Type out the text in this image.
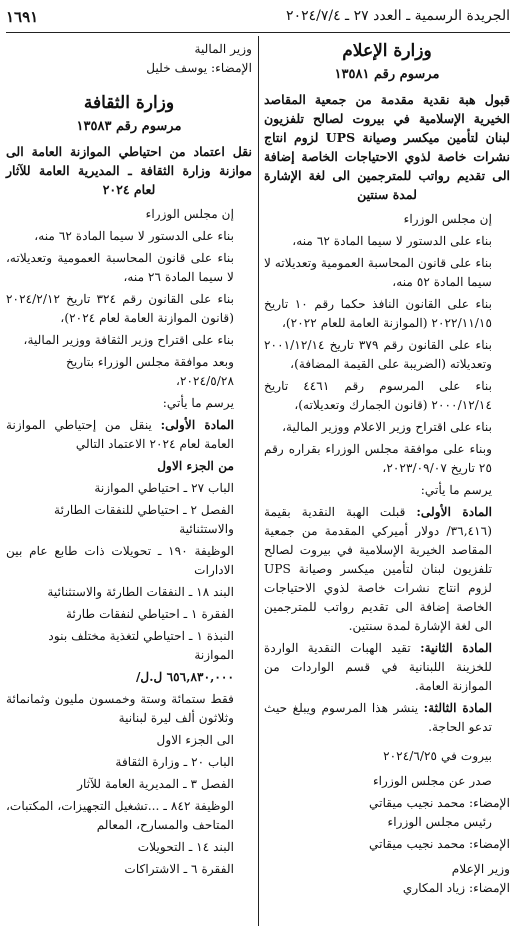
الجريدة الرسمية ـ العدد ٢٧ ـ ٢٠٢٤/٧/٤
١٦٩١
وزارة الإعلام
مرسوم رقم ١٣٥٨١
قبول هبة نقدية مقدمة من جمعية المقاصد الخيرية الإسلامية في بيروت لصالح تلفزيون لبنان لتأمين ميكسر وصيانة UPS لزوم انتاج نشرات خاصة لذوي الاحتياجات الخاصة إضافة الى تقديم رواتب للمترجمين الى لغة الإشارة لمدة سنتين

إن مجلس الوزراء

بناء على الدستور لا سيما المادة ٦٢ منه،

بناء على قانون المحاسبة العمومية وتعديلاته لا سيما المادة ٥٢ منه،

بناء على القانون النافذ حكما رقم ١٠ تاريخ ٢٠٢٢/١١/١٥ (الموازنة العامة للعام ٢٠٢٢)،

بناء على القانون رقم ٣٧٩ تاريخ ٢٠٠١/١٢/١٤ وتعديلاته (الضريبة على القيمة المضافة)،

بناء على المرسوم رقم ٤٤٦١ تاريخ ٢٠٠٠/١٢/١٤ (قانون الجمارك وتعديلاته)،

بناء على اقتراح وزير الاعلام ووزير المالية،

وبناء على موافقة مجلس الوزراء بقراره رقم ٢٥ تاريخ ٢٠٢٣/٠٩/٠٧،

يرسم ما يأتي:

المادة الأولى: قبلت الهبة النقدية بقيمة (٣٦,٤١٦/ دولار أميركي المقدمة من جمعية المقاصد الخيرية الإسلامية في بيروت لصالح تلفزيون لبنان لتأمين ميكسر وصيانة UPS لزوم انتاج نشرات خاصة لذوي الاحتياجات الخاصة إضافة الى تقديم رواتب للمترجمين الى لغة الإشارة لمدة سنتين.

المادة الثانية: تقيد الهبات النقدية الواردة للخزينة اللبنانية في قسم الواردات من الموازنة العامة.

المادة الثالثة: ينشر هذا المرسوم ويبلغ حيث تدعو الحاجة.

بيروت في ٢٠٢٤/٦/٢٥

صدر عن مجلس الوزراء

الإمضاء: محمد نجيب ميقاتي

رئيس مجلس الوزراء

الإمضاء: محمد نجيب ميقاتي

وزير الإعلام

الإمضاء: زياد المكاري

وزير المالية

الإمضاء: يوسف خليل

وزارة الثقافة
مرسوم رقم ١٣٥٨٣
نقل اعتماد من احتياطي الموازنة العامة الى موازنة وزارة الثقافة ـ المديرية العامة للآثار لعام ٢٠٢٤

إن مجلس الوزراء

بناء على الدستور لا سيما المادة ٦٢ منه،

بناء على قانون المحاسبة العمومية وتعديلاته، لا سيما المادة ٢٦ منه،

بناء على القانون رقم ٣٢٤ تاريخ ٢٠٢٤/٢/١٢ (قانون الموازنة العامة لعام ٢٠٢٤)،

بناء على اقتراح وزير الثقافة ووزير المالية،

وبعد موافقة مجلس الوزراء بتاريخ ٢٠٢٤/٥/٢٨،

يرسم ما يأتي:

المادة الأولى: ينقل من إحتياطي الموازنة العامة لعام ٢٠٢٤ الاعتماد التالي

من الجزء الاول

الباب ٢٧ ـ احتياطي الموازنة

الفصل ٢ ـ احتياطي للنفقات الطارئة والاستثنائية

الوظيفة ١٩٠ ـ تحويلات ذات طابع عام بين الادارات

البند ١٨ ـ النفقات الطارئة والاستثنائية

الفقرة ١ ـ احتياطي لنفقات طارئة

النبذة ١ ـ احتياطي لتغذية مختلف بنود الموازنة

٦٥٦,٨٣٠,٠٠٠ ل.ل/

فقط ستمائة وستة وخمسون مليون وثمانمائة وثلاثون ألف ليرة لبنانية

الى الجزء الاول

الباب ٢٠ ـ وزارة الثقافة

الفصل ٣ ـ المديرية العامة للآثار

الوظيفة ٨٤٢ ـ ...تشغيل التجهيزات، المكتبات، المتاحف والمسارح، المعالم

البند ١٤ ـ التحويلات

الفقرة ٦ ـ الاشتراكات
